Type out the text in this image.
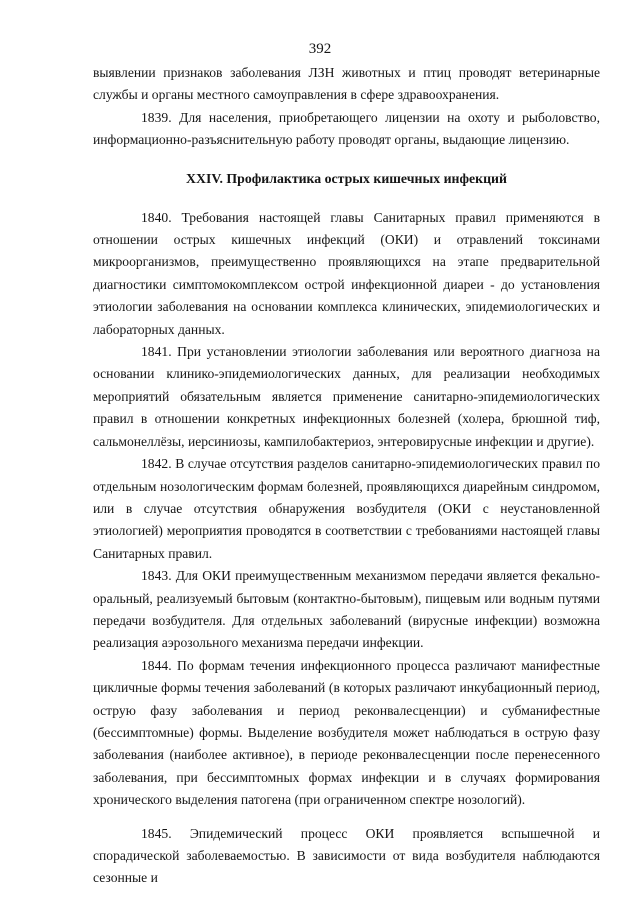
392

выявлении признаков заболевания ЛЗН животных и птиц проводят ветеринарные службы и органы местного самоуправления в сфере здравоохранения.

1839. Для населения, приобретающего лицензии на охоту и рыболовство, информационно-разъяснительную работу проводят органы, выдающие лицензию.

XXIV. Профилактика острых кишечных инфекций

1840. Требования настоящей главы Санитарных правил применяются в отношении острых кишечных инфекций (ОКИ) и отравлений токсинами микроорганизмов, преимущественно проявляющихся на этапе предварительной диагностики симптомокомплексом острой инфекционной диареи - до установления этиологии заболевания на основании комплекса клинических, эпидемиологических и лабораторных данных.

1841. При установлении этиологии заболевания или вероятного диагноза на основании клинико-эпидемиологических данных, для реализации необходимых мероприятий обязательным является применение санитарно-эпидемиологических правил в отношении конкретных инфекционных болезней (холера, брюшной тиф, сальмонеллёзы, иерсиниозы, кампилобактериоз, энтеровирусные инфекции и другие).

1842. В случае отсутствия разделов санитарно-эпидемиологических правил по отдельным нозологическим формам болезней, проявляющихся диарейным синдромом, или в случае отсутствия обнаружения возбудителя (ОКИ с неустановленной этиологией) мероприятия проводятся в соответствии с требованиями настоящей главы Санитарных правил.

1843. Для ОКИ преимущественным механизмом передачи является фекально-оральный, реализуемый бытовым (контактно-бытовым), пищевым или водным путями передачи возбудителя. Для отдельных заболеваний (вирусные инфекции) возможна реализация аэрозольного механизма передачи инфекции.

1844. По формам течения инфекционного процесса различают манифестные цикличные формы течения заболеваний (в которых различают инкубационный период, острую фазу заболевания и период реконвалесценции) и субманифестные (бессимптомные) формы. Выделение возбудителя может наблюдаться в острую фазу заболевания (наиболее активное), в периоде реконвалесценции после перенесенного заболевания, при бессимптомных формах инфекции и в случаях формирования хронического выделения патогена (при ограниченном спектре нозологий).

1845. Эпидемический процесс ОКИ проявляется вспышечной и спорадической заболеваемостью. В зависимости от вида возбудителя наблюдаются сезонные и
